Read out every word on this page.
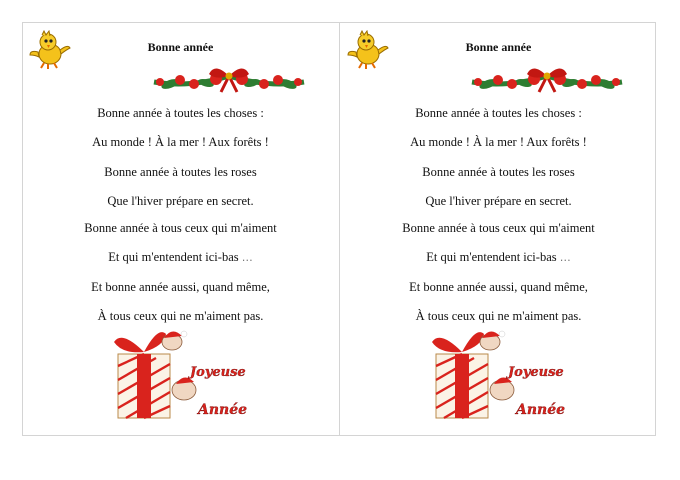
Bonne année
Bonne année à toutes les choses :
Au monde ! À la mer ! Aux forêts !
Bonne année à toutes les roses
Que l'hiver prépare en secret.
Bonne année à tous ceux qui m'aiment
Et qui m'entendent ici-bas …
Et bonne année aussi, quand même,
À tous ceux qui ne m'aiment pas.
Joyeuse
Année
Bonne année
Bonne année à toutes les choses :
Au monde ! À la mer ! Aux forêts !
Bonne année à toutes les roses
Que l'hiver prépare en secret.
Bonne année à tous ceux qui m'aiment
Et qui m'entendent ici-bas …
Et bonne année aussi, quand même,
À tous ceux qui ne m'aiment pas.
Joyeuse
Année
